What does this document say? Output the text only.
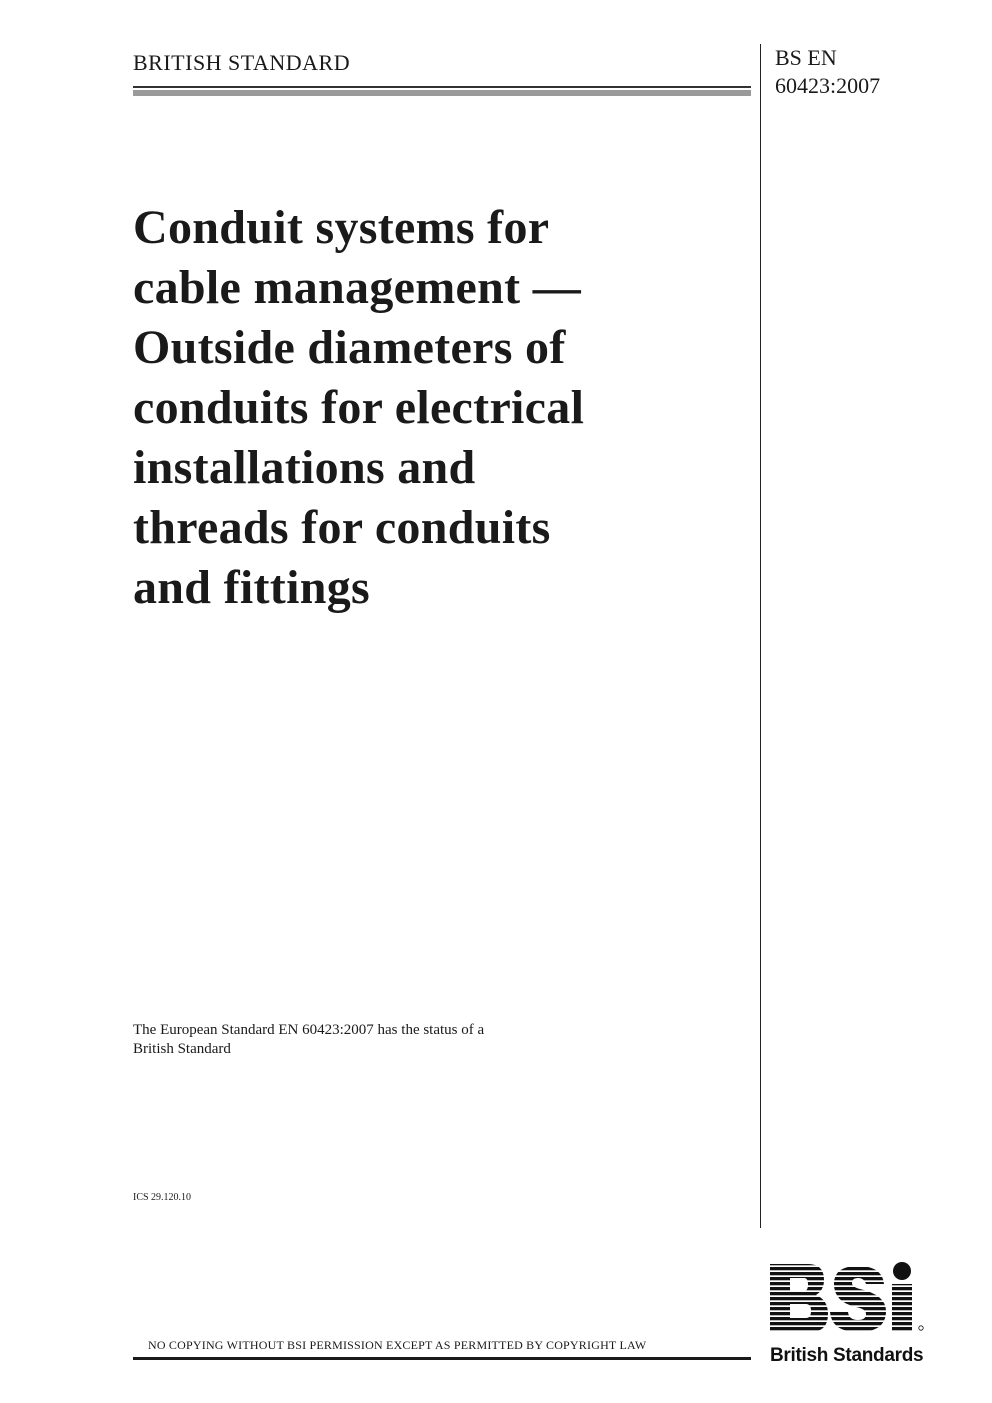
BRITISH STANDARD	BS EN
60423:2007
Conduit systems for
cable management —
Outside diameters of
conduits for electrical
installations and
threads for conduits
and fittings
The European Standard EN 60423:2007 has the status of a
British Standard
ICS 29.120.10
NO COPYING WITHOUT BSI PERMISSION EXCEPT AS PERMITTED BY COPYRIGHT LAW	British Standards
